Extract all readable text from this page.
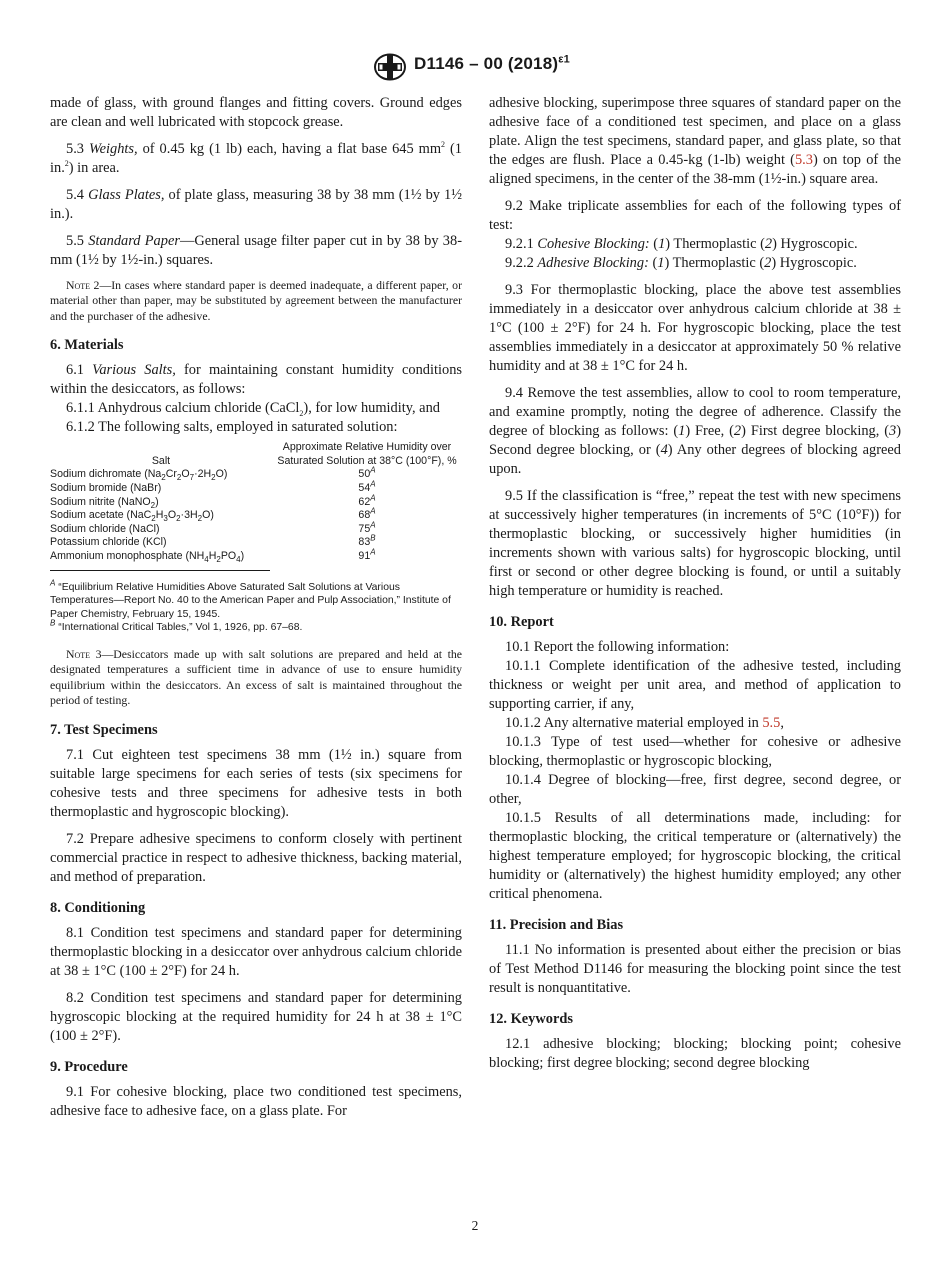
D1146 – 00 $(2018)^{\varepsilon 1}$

made of glass, with ground flanges and fitting covers. Ground edges are clean and well lubricated with stopcock grease.

5.3 Weights, of 0.45 kg (1 lb) each, having a flat base 645 $mm^2$ (1 in.$^2$) in area.

5.4 Glass Plates, of plate glass, measuring 38 by 38 mm (1½ by 1½ in.).

5.5 Standard Paper—General usage filter paper cut in by 38 by 38-mm (1½ by 1½-in.) squares.

Note 2—In cases where standard paper is deemed inadequate, a different paper, or material other than paper, may be substituted by agreement between the manufacturer and the purchaser of the adhesive.
6. Materials

6.1 Various Salts, for maintaining constant humidity conditions within the desiccators, as follows:

6.1.1 Anhydrous calcium chloride (CaCl$_2$), for low humidity, and

6.1.2 The following salts, employed in saturated solution:

Salt	Approximate Relative Humidity over Saturated Solution at 38°C (100°F), %
Sodium dichromate $(Na_2Cr_2O_7\cdot 2H_2O)$	$50^A$
Sodium bromide (NaBr)	$54^A$
Sodium nitrite (NaNO$_2$)	$62^A$
Sodium acetate $(NaC_2H_3O_2\cdot 3H_2O)$	$68^A$
Sodium chloride (NaCl)	$75^A$
Potassium chloride (KCl)	$83^B$
Ammonium monophosphate $(NH_4H_2PO_4)$	$91^A$

$^A$ “Equilibrium Relative Humidities Above Saturated Salt Solutions at Various Temperatures—Report No. 40 to the American Paper and Pulp Association,” Institute of Paper Chemistry, February 15, 1945.

$^B$ “International Critical Tables,” Vol 1, 1926, pp. 67–68.

Note 3—Desiccators made up with salt solutions are prepared and held at the designated temperatures a sufficient time in advance of use to ensure humidity equilibrium within the desiccators. An excess of salt is maintained throughout the period of testing.
7. Test Specimens

7.1 Cut eighteen test specimens 38 mm (1½ in.) square from suitable large specimens for each series of tests (six specimens for cohesive tests and three specimens for adhesive tests in both thermoplastic and hygroscopic blocking).

7.2 Prepare adhesive specimens to conform closely with pertinent commercial practice in respect to adhesive thickness, backing material, and method of preparation.

8. Conditioning

8.1 Condition test specimens and standard paper for determining thermoplastic blocking in a desiccator over anhydrous calcium chloride at 38 ± 1°C (100 ± 2°F) for 24 h.

8.2 Condition test specimens and standard paper for determining hygroscopic blocking at the required humidity for 24 h at 38 ± 1°C (100 ± 2°F).

9. Procedure

9.1 For cohesive blocking, place two conditioned test specimens, adhesive face to adhesive face, on a glass plate. For

adhesive blocking, superimpose three squares of standard paper on the adhesive face of a conditioned test specimen, and place on a glass plate. Align the test specimens, standard paper, and glass plate, so that the edges are flush. Place a 0.45-kg (1-lb) weight (5.3) on top of the aligned specimens, in the center of the 38-mm (1½-in.) square area.

9.2 Make triplicate assemblies for each of the following types of test:

9.2.1 Cohesive Blocking: (1) Thermoplastic (2) Hygroscopic.

9.2.2 Adhesive Blocking: (1) Thermoplastic (2) Hygroscopic.

9.3 For thermoplastic blocking, place the above test assemblies immediately in a desiccator over anhydrous calcium chloride at 38 ± 1°C (100 ± 2°F) for 24 h. For hygroscopic blocking, place the test assemblies immediately in a desiccator at approximately 50 % relative humidity and at 38 ± 1°C for 24 h.

9.4 Remove the test assemblies, allow to cool to room temperature, and examine promptly, noting the degree of adherence. Classify the degree of blocking as follows: (1) Free, (2) First degree blocking, (3) Second degree blocking, or (4) Any other degrees of blocking agreed upon.

9.5 If the classification is “free,” repeat the test with new specimens at successively higher temperatures (in increments of 5°C (10°F)) for thermoplastic blocking, or successively higher humidities (in increments shown with various salts) for hygroscopic blocking, until first or second or other degree blocking is found, or until a suitably high temperature or humidity is reached.

10. Report

10.1 Report the following information:

10.1.1 Complete identification of the adhesive tested, including thickness or weight per unit area, and method of application to supporting carrier, if any,

10.1.2 Any alternative material employed in 5.5,

10.1.3 Type of test used—whether for cohesive or adhesive blocking, thermoplastic or hygroscopic blocking,

10.1.4 Degree of blocking—free, first degree, second degree, or other,

10.1.5 Results of all determinations made, including: for thermoplastic blocking, the critical temperature or (alternatively) the highest temperature employed; for hygroscopic blocking, the critical humidity or (alternatively) the highest humidity employed; any other critical phenomena.

11. Precision and Bias

11.1 No information is presented about either the precision or bias of Test Method D1146 for measuring the blocking point since the test result is nonquantitative.

12. Keywords

12.1 adhesive blocking; blocking; blocking point; cohesive blocking; first degree blocking; second degree blocking

2
